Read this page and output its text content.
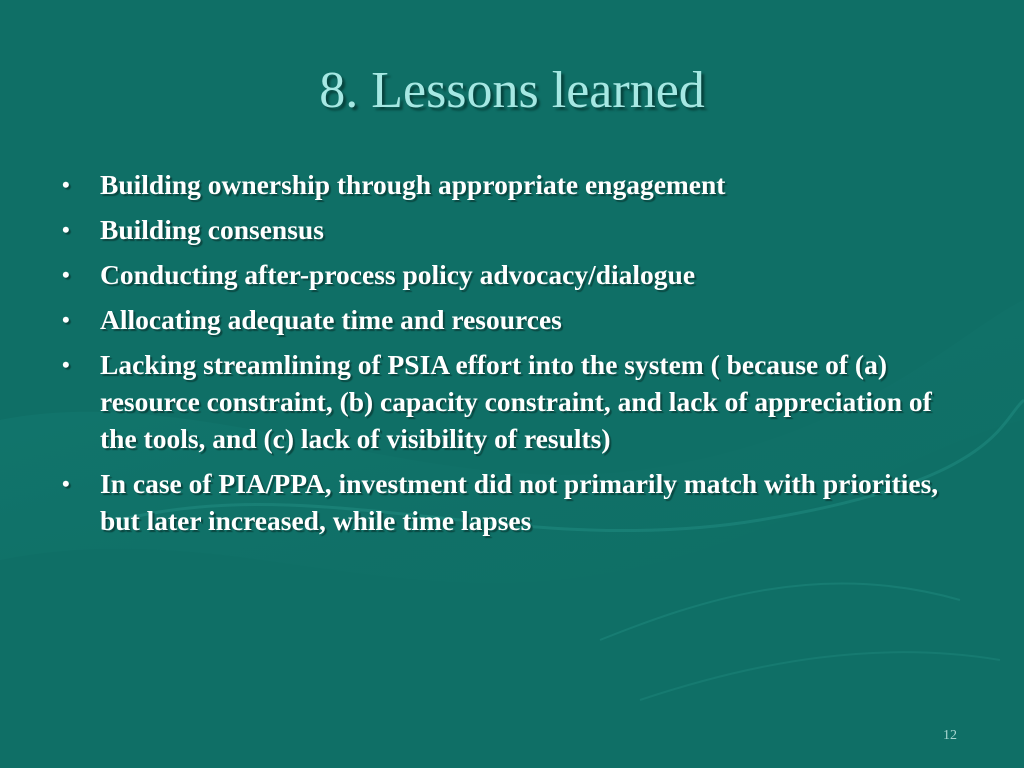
8. Lessons learned
• Building ownership through appropriate engagement
• Building consensus
• Conducting after-process policy advocacy/dialogue
• Allocating adequate time and resources
• Lacking streamlining of PSIA effort into the system ( because of (a) resource constraint, (b) capacity constraint, and lack of appreciation of the tools, and (c) lack of visibility of results)
• In case of PIA/PPA, investment did not primarily match with priorities, but later increased, while time lapses
12
